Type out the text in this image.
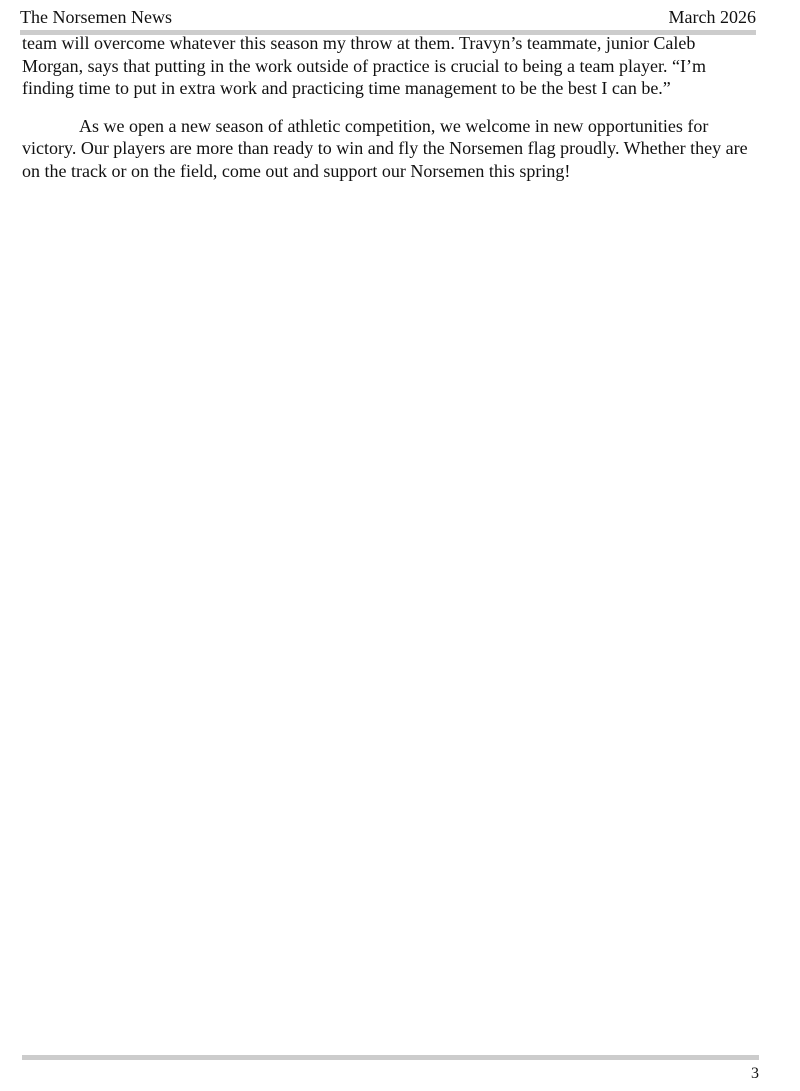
The Norsemen News	March 2026

team will overcome whatever this season my throw at them. Travyn’s teammate, junior Caleb Morgan, says that putting in the work outside of practice is crucial to being a team player. “I’m finding time to put in extra work and practicing time management to be the best I can be.”

As we open a new season of athletic competition, we welcome in new opportunities for victory. Our players are more than ready to win and fly the Norsemen flag proudly. Whether they are on the track or on the field, come out and support our Norsemen this spring!

3
